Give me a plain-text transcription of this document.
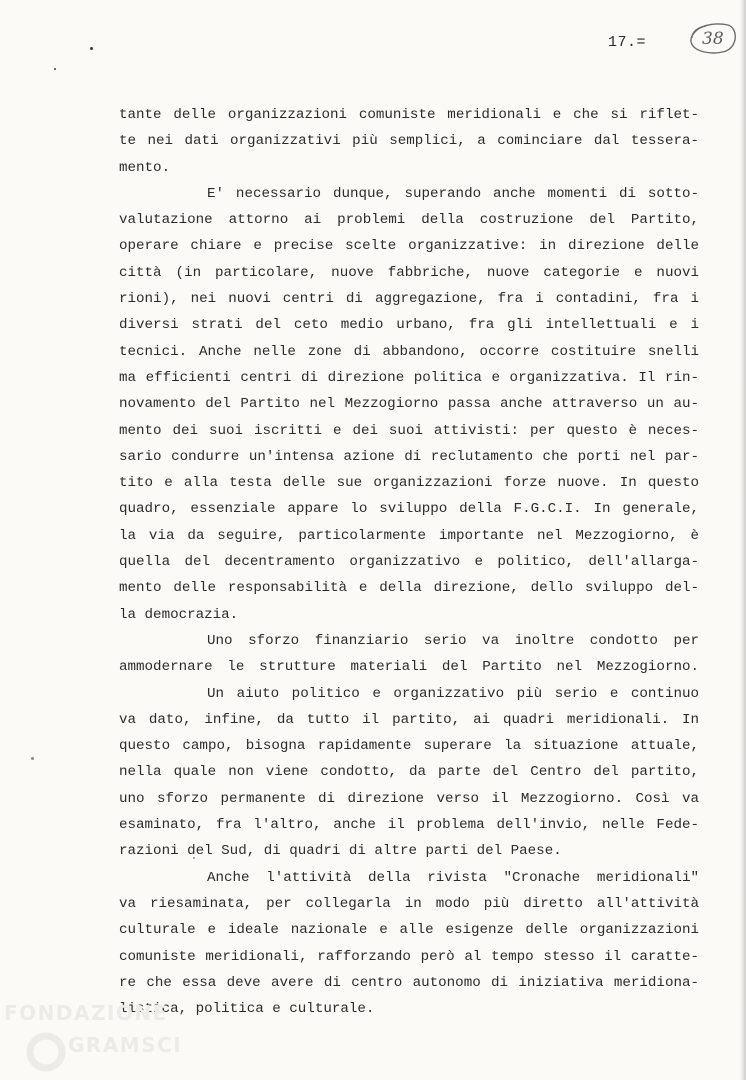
17.=	38
tante delle organizzazioni comuniste meridionali e che si riflet-
te nei dati organizzativi più semplici, a cominciare dal tessera-
mento.
E' necessario dunque, superando anche momenti di sotto-
valutazione attorno ai problemi della costruzione del Partito,
operare chiare e precise scelte organizzative: in direzione delle
città (in particolare, nuove fabbriche, nuove categorie e nuovi
rioni), nei nuovi centri di aggregazione, fra i contadini, fra i
diversi strati del ceto medio urbano, fra gli intellettuali e i
tecnici. Anche nelle zone di abbandono, occorre costituire snelli
ma efficienti centri di direzione politica e organizzativa. Il rin-
novamento del Partito nel Mezzogiorno passa anche attraverso un au-
mento dei suoi iscritti e dei suoi attivisti: per questo è neces-
sario condurre un'intensa azione di reclutamento che porti nel par-
tito e alla testa delle sue organizzazioni forze nuove. In questo
quadro, essenziale appare lo sviluppo della F.G.C.I. In generale,
la via da seguire, particolarmente importante nel Mezzogiorno, è
quella del decentramento organizzativo e politico, dell'allarga-
mento delle responsabilità e della direzione, dello sviluppo del-
la democrazia.
Uno sforzo finanziario serio va inoltre condotto per
ammodernare le strutture materiali del Partito nel Mezzogiorno.
Un aiuto politico e organizzativo più serio e continuo
va dato, infine, da tutto il partito, ai quadri meridionali. In
questo campo, bisogna rapidamente superare la situazione attuale,
nella quale non viene condotto, da parte del Centro del partito,
uno sforzo permanente di direzione verso il Mezzogiorno. Così va
esaminato, fra l'altro, anche il problema dell'invio, nelle Fede-
razioni del Sud, di quadri di altre parti del Paese.
Anche l'attività della rivista "Cronache meridionali"
va riesaminata, per collegarla in modo più diretto all'attività
culturale e ideale nazionale e alle esigenze delle organizzazioni
comuniste meridionali, rafforzando però al tempo stesso il caratte-
re che essa deve avere di centro autonomo di iniziativa meridiona-
listica, politica e culturale.
FONDAZIONE
GRAMSCI
